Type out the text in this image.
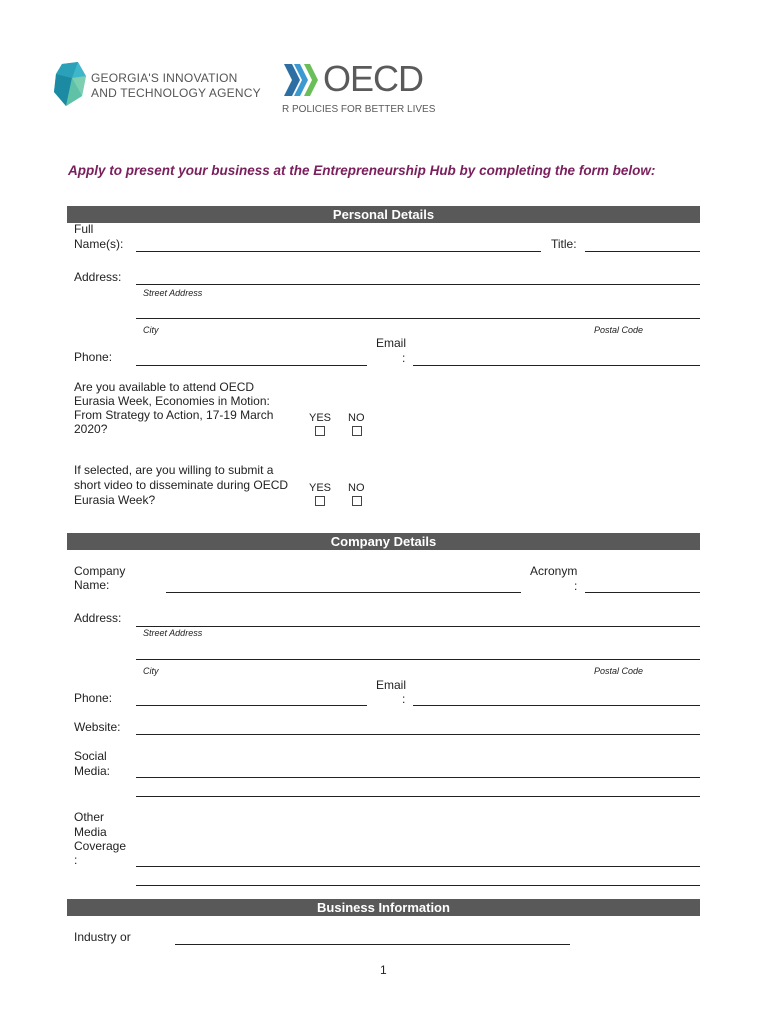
GEORGIA'S INNOVATION
AND TECHNOLOGY AGENCY OECD
R POLICIES FOR BETTER LIVES
Apply to present your business at the Entrepreneurship Hub by completing the form below:
Personal Details
Full
Name(s):	Title:
Address:
Street Address
City	Postal Code
Phone:
Email
:
Are you available to attend OECD
Eurasia Week, Economies in Motion:
From Strategy to Action, 17-19 March
2020?
YES NO
If selected, are you willing to submit a
short video to disseminate during OECD
Eurasia Week?
YES NO
Company Details
Company
Name:
Acronym
:
Address:
Street Address
City	Postal Code
Phone:
Email
:
Website:
Social
Media:
Other
Media
Coverage
:
Business Information
Industry or
1
